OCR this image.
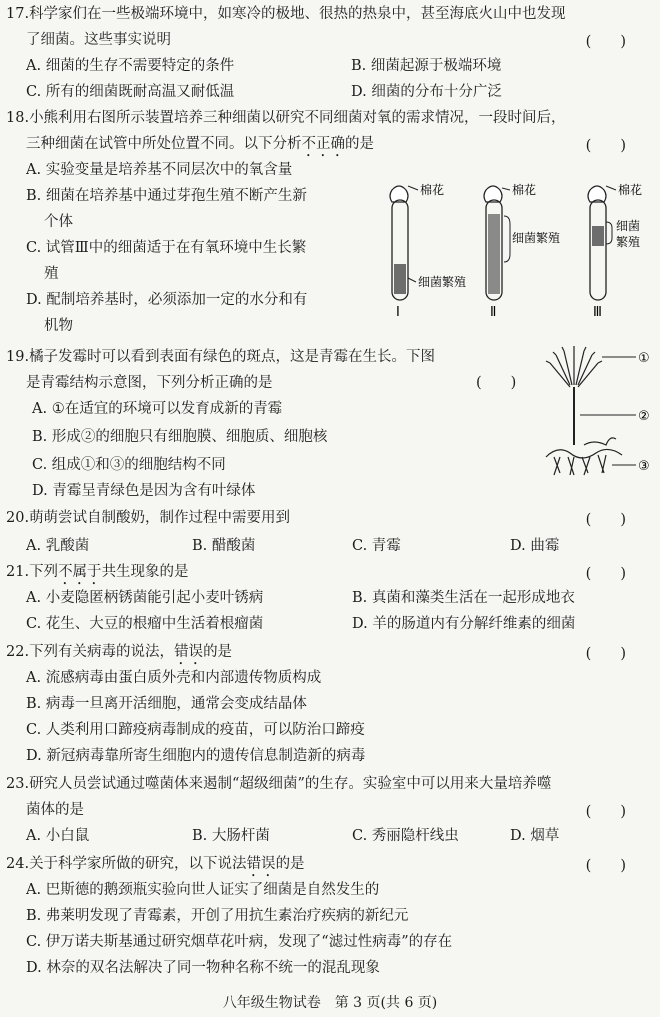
17.科学家们在一些极端环境中，如寒冷的极地、很热的热泉中，甚至海底火山中也发现
了细菌。这些事实说明	(　　)
A. 细菌的生存不需要特定的条件	B. 细菌起源于极端环境
C. 所有的细菌既耐高温又耐低温	D. 细菌的分布十分广泛
18.小熊利用右图所示装置培养三种细菌以研究不同细菌对氧的需求情况，一段时间后，
三种细菌在试管中所处位置不同。以下分析不正确的是	(　　)
A. 实验变量是培养基不同层次中的氧含量
B. 细菌在培养基中通过芽孢生殖不断产生新
个体
C. 试管Ⅲ中的细菌适于在有氧环境中生长繁
殖
D. 配制培养基时，必须添加一定的水分和有
机物
棉花
细菌繁殖
Ⅰ
棉花
细菌繁殖
Ⅱ
棉花
细菌
繁殖
Ⅲ
19.橘子发霉时可以看到表面有绿色的斑点，这是青霉在生长。下图
是青霉结构示意图，下列分析正确的是	(　　)
A. ①在适宜的环境可以发育成新的青霉
B. 形成②的细胞只有细胞膜、细胞质、细胞核
C. 组成①和③的细胞结构不同
D. 青霉呈青绿色是因为含有叶绿体
①
②
③
20.萌萌尝试自制酸奶，制作过程中需要用到	(　　)
A. 乳酸菌	B. 醋酸菌	C. 青霉	D. 曲霉
21.下列不属于共生现象的是	(　　)
A. 小麦隐匿柄锈菌能引起小麦叶锈病	B. 真菌和藻类生活在一起形成地衣
C. 花生、大豆的根瘤中生活着根瘤菌	D. 羊的肠道内有分解纤维素的细菌
22.下列有关病毒的说法，错误的是	(　　)
A. 流感病毒由蛋白质外壳和内部遗传物质构成
B. 病毒一旦离开活细胞，通常会变成结晶体
C. 人类利用口蹄疫病毒制成的疫苗，可以防治口蹄疫
D. 新冠病毒靠所寄生细胞内的遗传信息制造新的病毒
23.研究人员尝试通过噬菌体来遏制“超级细菌”的生存。实验室中可以用来大量培养噬
菌体的是	(　　)
A. 小白鼠	B. 大肠杆菌	C. 秀丽隐杆线虫	D. 烟草
24.关于科学家所做的研究，以下说法错误的是	(　　)
A. 巴斯德的鹅颈瓶实验向世人证实了细菌是自然发生的
B. 弗莱明发现了青霉素，开创了用抗生素治疗疾病的新纪元
C. 伊万诺夫斯基通过研究烟草花叶病，发现了“滤过性病毒”的存在
D. 林奈的双名法解决了同一物种名称不统一的混乱现象
八年级生物试卷　第 3 页(共 6 页)
